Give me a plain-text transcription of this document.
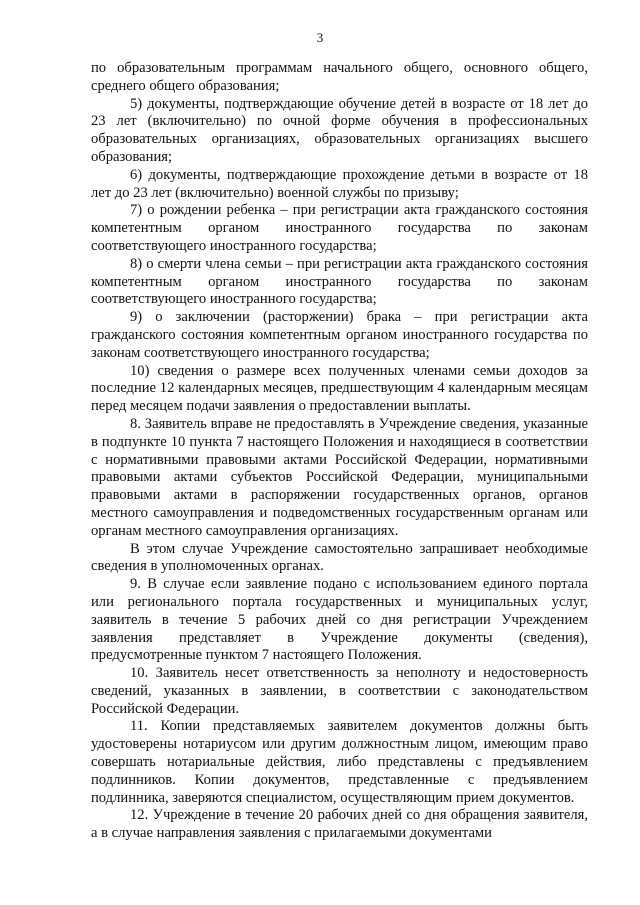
3

по образовательным программам начального общего, основного общего, среднего общего образования;

5) документы, подтверждающие обучение детей в возрасте от 18 лет до 23 лет (включительно) по очной форме обучения в профессиональных образовательных организациях, образовательных организациях высшего образования;

6) документы, подтверждающие прохождение детьми в возрасте от 18 лет до 23 лет (включительно) военной службы по призыву;

7) о рождении ребенка – при регистрации акта гражданского состояния компетентным органом иностранного государства по законам соответствующего иностранного государства;

8) о смерти члена семьи – при регистрации акта гражданского состояния компетентным органом иностранного государства по законам соответствующего иностранного государства;

9) о заключении (расторжении) брака – при регистрации акта гражданского состояния компетентным органом иностранного государства по законам соответствующего иностранного государства;

10) сведения о размере всех полученных членами семьи доходов за последние 12 календарных месяцев, предшествующим 4 календарным месяцам перед месяцем подачи заявления о предоставлении выплаты.

8. Заявитель вправе не предоставлять в Учреждение сведения, указанные в подпункте 10 пункта 7 настоящего Положения и находящиеся в соответствии с нормативными правовыми актами Российской Федерации, нормативными правовыми актами субъектов Российской Федерации, муниципальными правовыми актами в распоряжении государственных органов, органов местного самоуправления и подведомственных государственным органам или органам местного самоуправления организациях.

В этом случае Учреждение самостоятельно запрашивает необходимые сведения в уполномоченных органах.

9. В случае если заявление подано с использованием единого портала или регионального портала государственных и муниципальных услуг, заявитель в течение 5 рабочих дней со дня регистрации Учреждением заявления представляет в Учреждение документы (сведения), предусмотренные пунктом 7 настоящего Положения.

10. Заявитель несет ответственность за неполноту и недостоверность сведений, указанных в заявлении, в соответствии с законодательством Российской Федерации.

11. Копии представляемых заявителем документов должны быть удостоверены нотариусом или другим должностным лицом, имеющим право совершать нотариальные действия, либо представлены с предъявлением подлинников. Копии документов, представленные с предъявлением подлинника, заверяются специалистом, осуществляющим прием документов.

12. Учреждение в течение 20 рабочих дней со дня обращения заявителя, а в случае направления заявления с прилагаемыми документами
